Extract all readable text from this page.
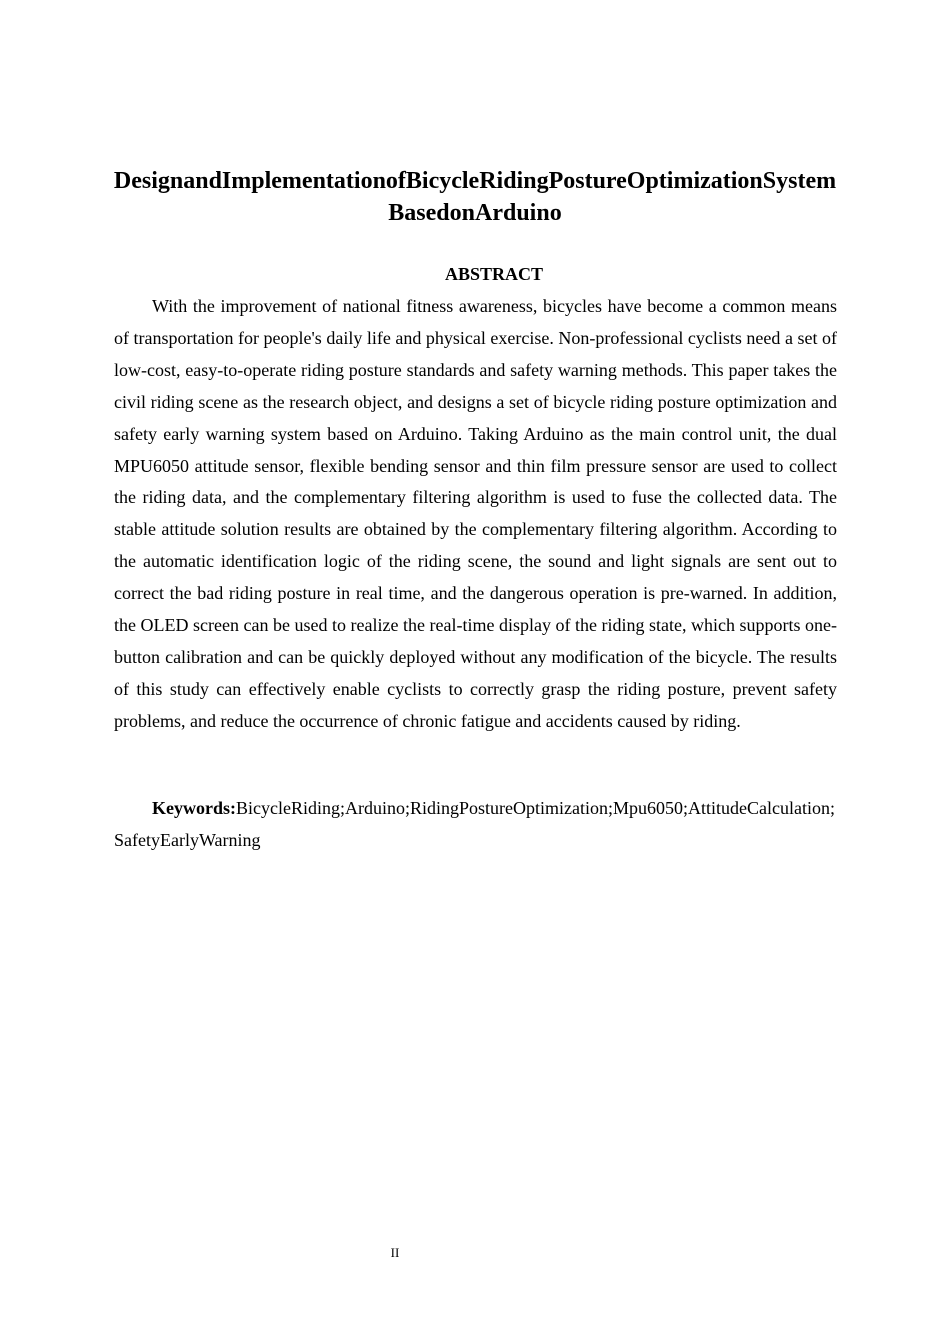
DesignandImplementationofBicycleRidingPostureOptimizationSystemBasedonArduino
ABSTRACT

With the improvement of national fitness awareness, bicycles have become a common means of transportation for people's daily life and physical exercise. Non-professional cyclists need a set of low-cost, easy-to-operate riding posture standards and safety warning methods. This paper takes the civil riding scene as the research object, and designs a set of bicycle riding posture optimization and safety early warning system based on Arduino. Taking Arduino as the main control unit, the dual MPU6050 attitude sensor, flexible bending sensor and thin film pressure sensor are used to collect the riding data, and the complementary filtering algorithm is used to fuse the collected data. The stable attitude solution results are obtained by the complementary filtering algorithm. According to the automatic identification logic of the riding scene, the sound and light signals are sent out to correct the bad riding posture in real time, and the dangerous operation is pre-warned. In addition, the OLED screen can be used to realize the real-time display of the riding state, which supports one-button calibration and can be quickly deployed without any modification of the bicycle. The results of this study can effectively enable cyclists to correctly grasp the riding posture, prevent safety problems, and reduce the occurrence of chronic fatigue and accidents caused by riding.

Keywords:BicycleRiding;Arduino;RidingPostureOptimization;Mpu6050;AttitudeCalculation;SafetyEarlyWarning

II
